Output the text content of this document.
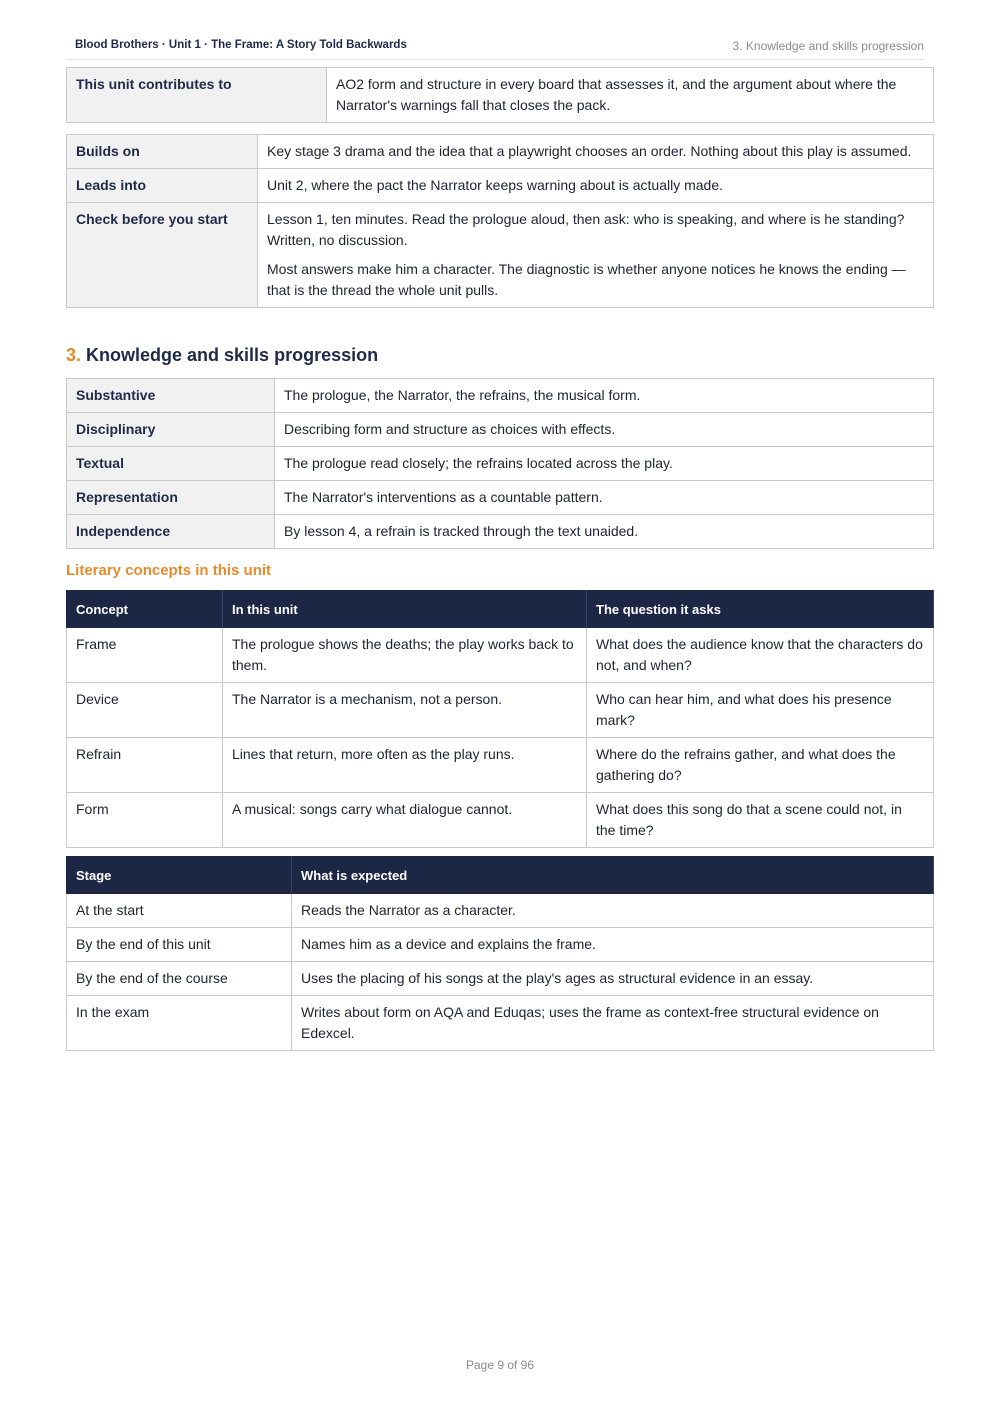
Blood Brothers · Unit 1 · The Frame: A Story Told Backwards	3. Knowledge and skills progression
This unit contributes to	AO2 form and structure in every board that assesses it, and the argument about where the Narrator's warnings fall that closes the pack.
Builds on	Key stage 3 drama and the idea that a playwright chooses an order. Nothing about this play is assumed.

Leads into	Unit 2, where the pact the Narrator keeps warning about is actually made.

Check before you start	Lesson 1, ten minutes. Read the prologue aloud, then ask: who is speaking, and where is he standing? Written, no discussion.

Most answers make him a character. The diagnostic is whether anyone notices he knows the ending — that is the thread the whole unit pulls.

3. Knowledge and skills progression
Substantive	The prologue, the Narrator, the refrains, the musical form.
Disciplinary	Describing form and structure as choices with effects.
Textual	The prologue read closely; the refrains located across the play.
Representation	The Narrator's interventions as a countable pattern.
Independence	By lesson 4, a refrain is tracked through the text unaided.
Literary concepts in this unit
Concept	In this unit	The question it asks
Frame	The prologue shows the deaths; the play works back to them.	What does the audience know that the characters do not, and when?
Device	The Narrator is a mechanism, not a person.	Who can hear him, and what does his presence mark?
Refrain	Lines that return, more often as the play runs.	Where do the refrains gather, and what does the gathering do?
Form	A musical: songs carry what dialogue cannot.	What does this song do that a scene could not, in the time?
Stage	What is expected
At the start	Reads the Narrator as a character.
By the end of this unit	Names him as a device and explains the frame.
By the end of the course	Uses the placing of his songs at the play's ages as structural evidence in an essay.
In the exam	Writes about form on AQA and Eduqas; uses the frame as context-free structural evidence on Edexcel.
Page 9 of 96
